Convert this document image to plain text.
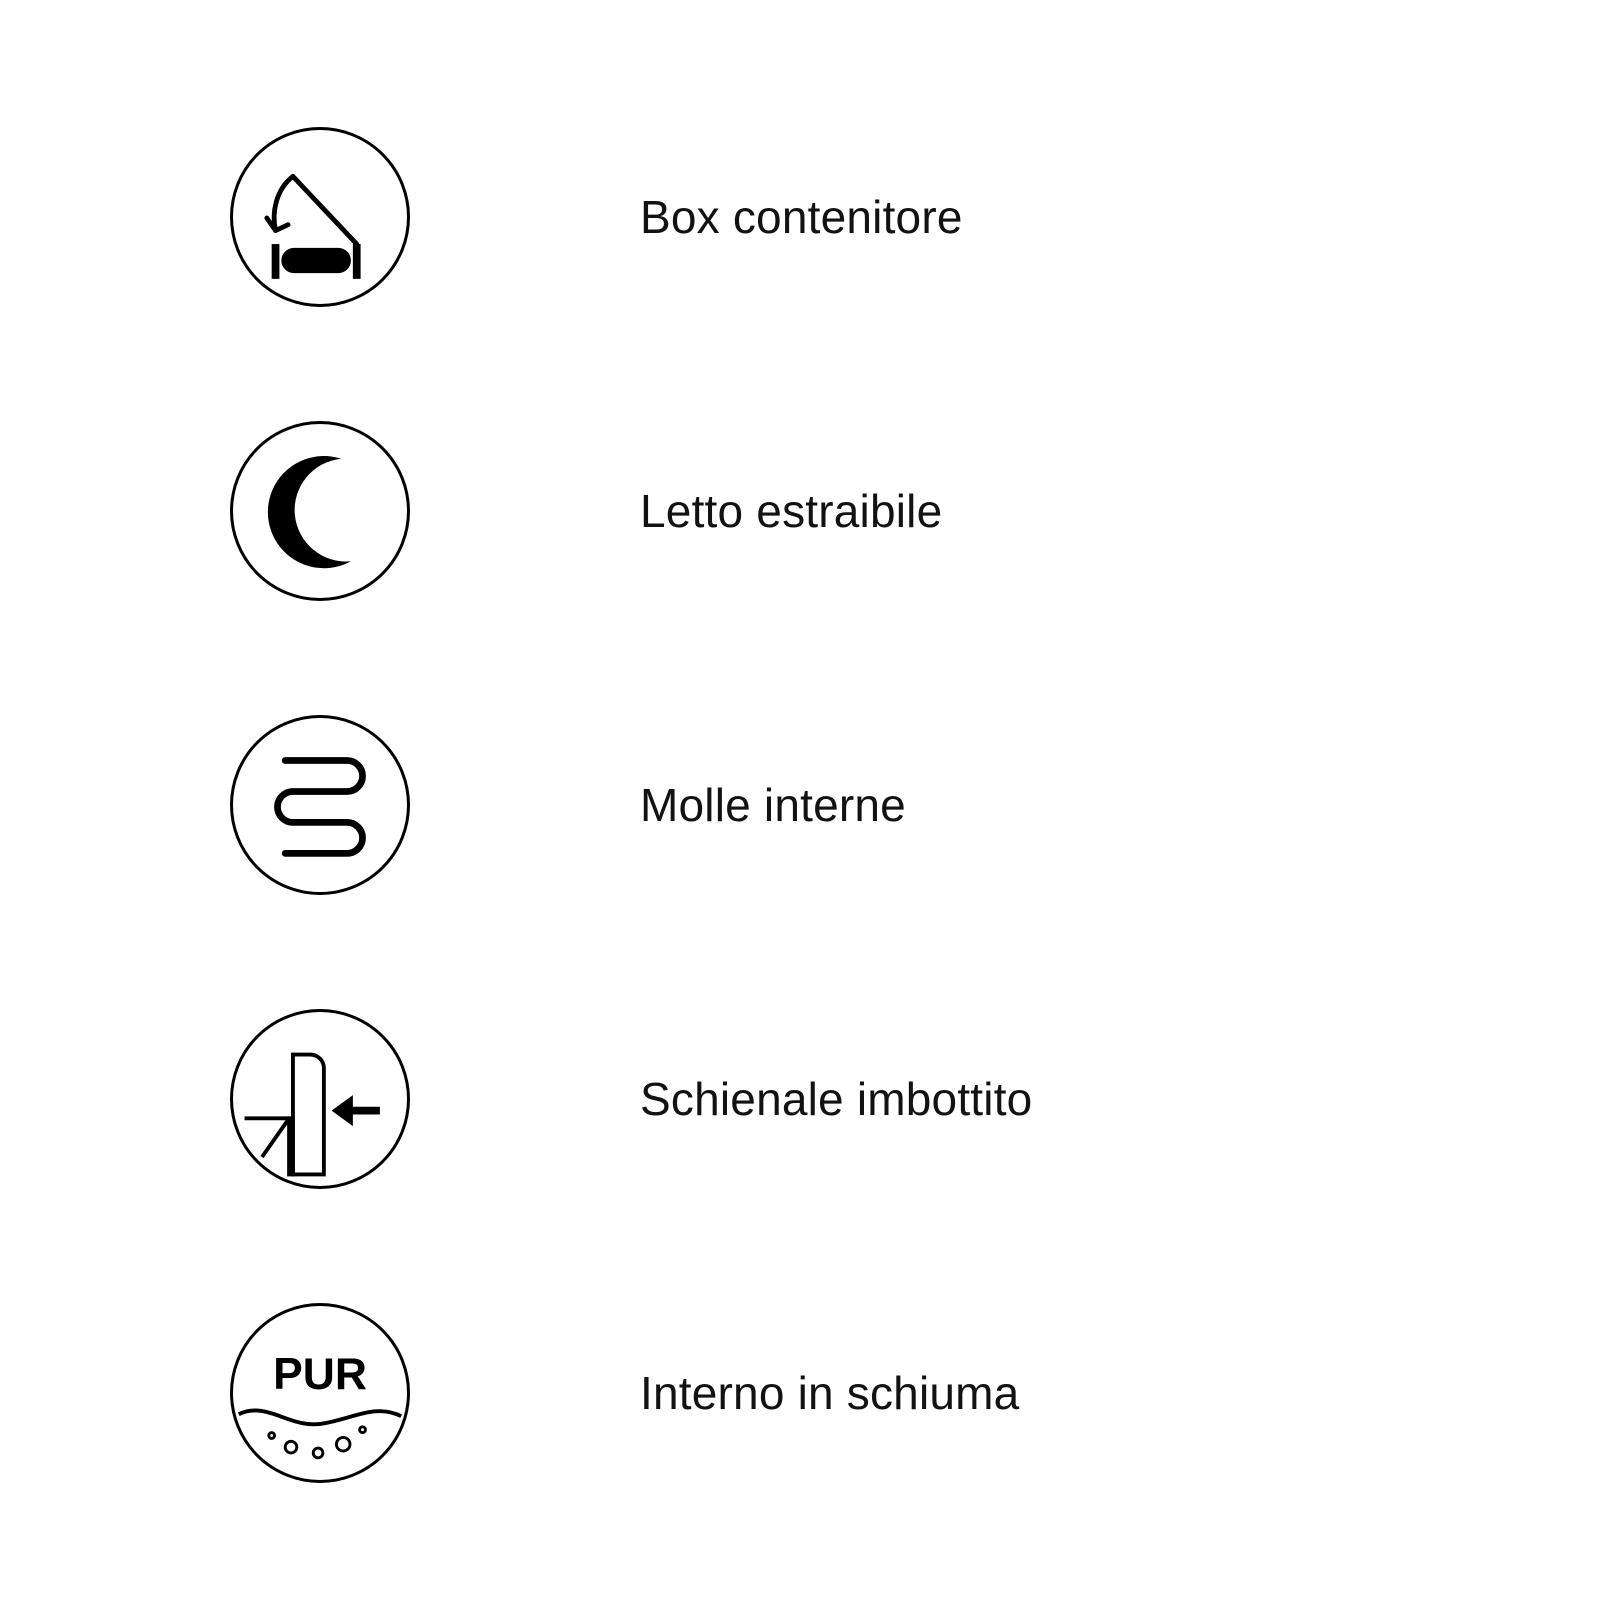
Box contenitore
Letto estraibile
Molle interne
Schienale imbottito
PUR	Interno in schiuma
